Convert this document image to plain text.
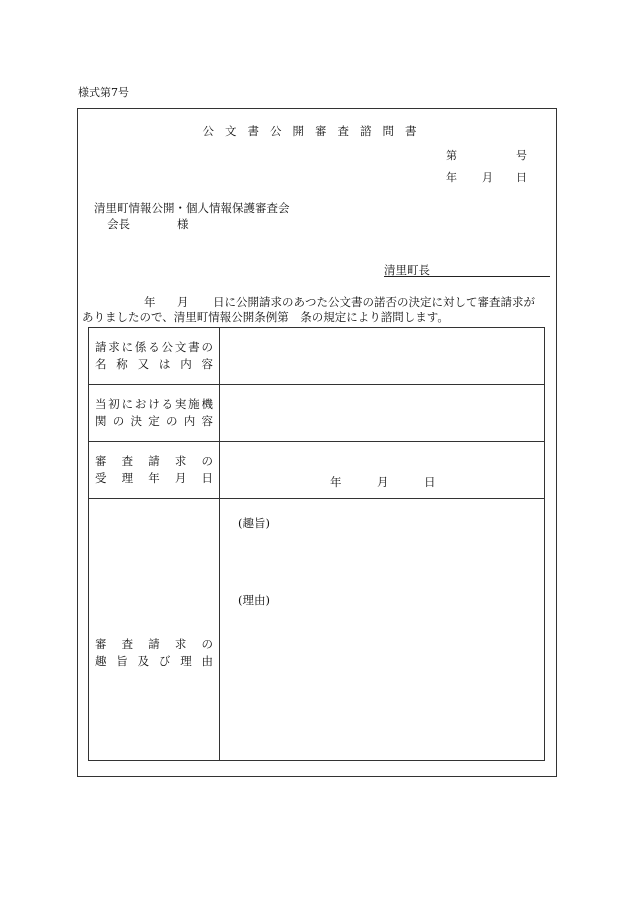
様式第7号
公文書公開審査諮問書
第	号
年 月 日
清里町情報公開・個人情報保護審査会
会長	様
清里町長
年 月 日に公開請求のあつた公文書の諾否の決定に対して審査請求が
ありましたので、清里町情報公開条例第　条の規定により諮問します。
請求に係る公文書の
名称又は内容	

当初における実施機
関の決定の内容	

審査請求の
受理年月日	年 月 日

審査請求の
趣旨及び理由	(趣旨)
(理由)
